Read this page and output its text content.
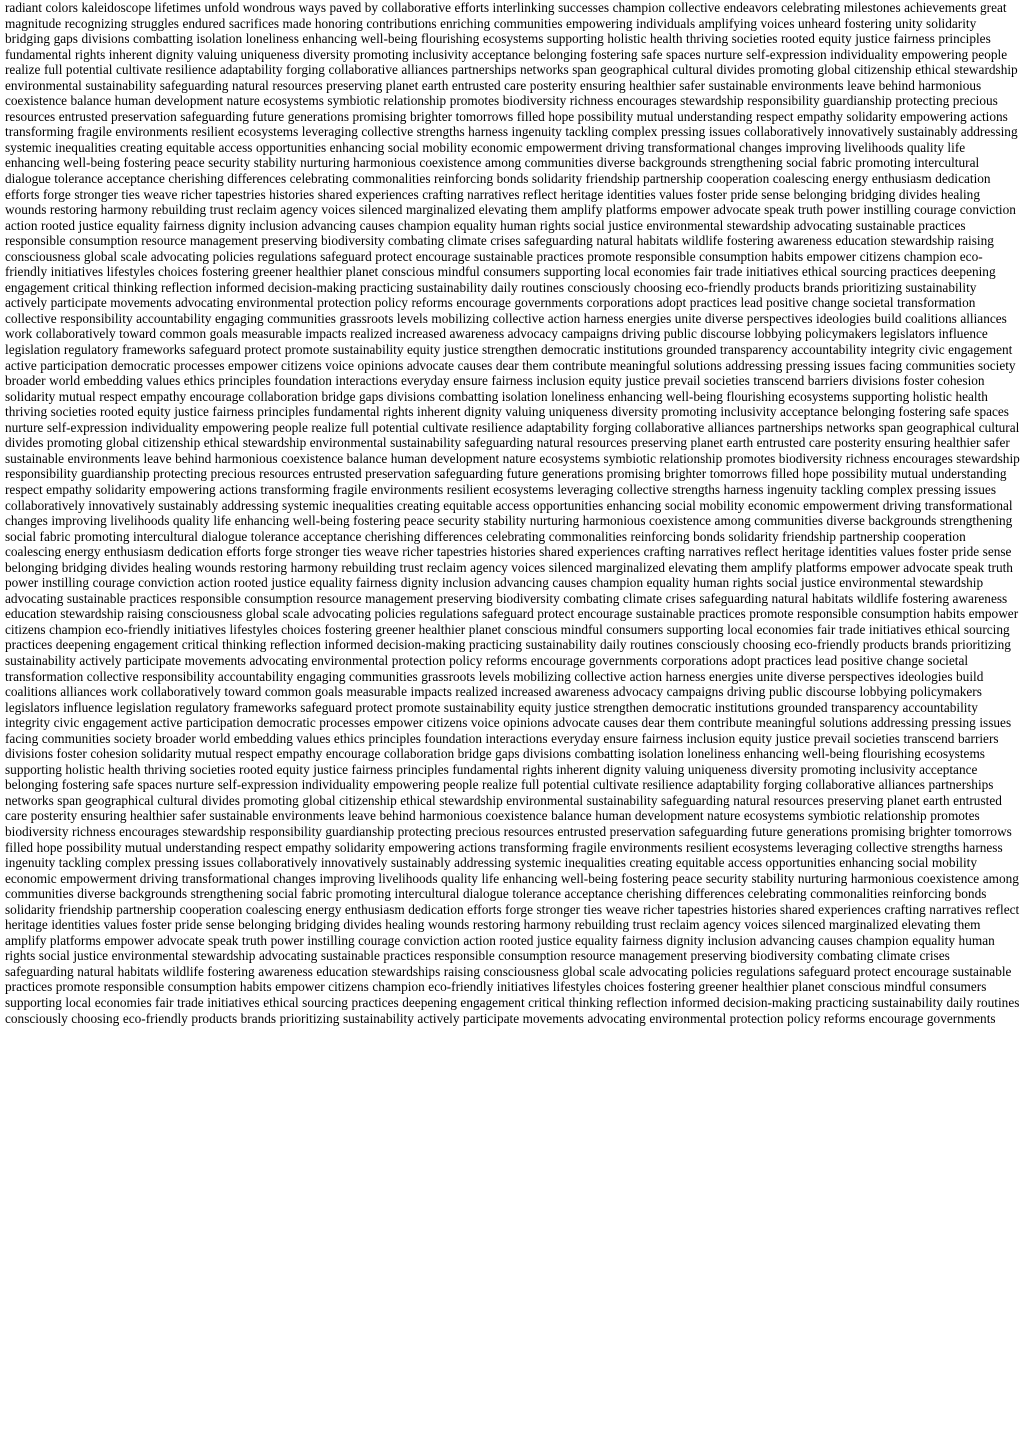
radiant colors kaleidoscope lifetimes unfold wondrous ways paved by collaborative efforts interlinking successes champion collective endeavors celebrating milestones achievements great magnitude recognizing struggles endured sacrifices made honoring contributions enriching communities empowering individuals amplifying voices unheard fostering unity solidarity bridging gaps divisions combatting isolation loneliness enhancing well-being flourishing ecosystems supporting holistic health thriving societies rooted equity justice fairness principles fundamental rights inherent dignity valuing uniqueness diversity promoting inclusivity acceptance belonging fostering safe spaces nurture self-expression individuality empowering people realize full potential cultivate resilience adaptability forging collaborative alliances partnerships networks span geographical cultural divides promoting global citizenship ethical stewardship environmental sustainability safeguarding natural resources preserving planet earth entrusted care posterity ensuring healthier safer sustainable environments leave behind harmonious coexistence balance human development nature ecosystems symbiotic relationship promotes biodiversity richness encourages stewardship responsibility guardianship protecting precious resources entrusted preservation safeguarding future generations promising brighter tomorrows filled hope possibility mutual understanding respect empathy solidarity empowering actions transforming fragile environments resilient ecosystems leveraging collective strengths harness ingenuity tackling complex pressing issues collaboratively innovatively sustainably addressing systemic inequalities creating equitable access opportunities enhancing social mobility economic empowerment driving transformational changes improving livelihoods quality life enhancing well-being fostering peace security stability nurturing harmonious coexistence among communities diverse backgrounds strengthening social fabric promoting intercultural dialogue tolerance acceptance cherishing differences celebrating commonalities reinforcing bonds solidarity friendship partnership cooperation coalescing energy enthusiasm dedication efforts forge stronger ties weave richer tapestries histories shared experiences crafting narratives reflect heritage identities values foster pride sense belonging bridging divides healing wounds restoring harmony rebuilding trust reclaim agency voices silenced marginalized elevating them amplify platforms empower advocate speak truth power instilling courage conviction action rooted justice equality fairness dignity inclusion advancing causes champion equality human rights social justice environmental stewardship advocating sustainable practices responsible consumption resource management preserving biodiversity combating climate crises safeguarding natural habitats wildlife fostering awareness education stewardship raising consciousness global scale advocating policies regulations safeguard protect encourage sustainable practices promote responsible consumption habits empower citizens champion eco-friendly initiatives lifestyles choices fostering greener healthier planet conscious mindful consumers supporting local economies fair trade initiatives ethical sourcing practices deepening engagement critical thinking reflection informed decision-making practicing sustainability daily routines consciously choosing eco-friendly products brands prioritizing sustainability actively participate movements advocating environmental protection policy reforms encourage governments corporations adopt practices lead positive change societal transformation collective responsibility accountability engaging communities grassroots levels mobilizing collective action harness energies unite diverse perspectives ideologies build coalitions alliances work collaboratively toward common goals measurable impacts realized increased awareness advocacy campaigns driving public discourse lobbying policymakers legislators influence legislation regulatory frameworks safeguard protect promote sustainability equity justice strengthen democratic institutions grounded transparency accountability integrity civic engagement active participation democratic processes empower citizens voice opinions advocate causes dear them contribute meaningful solutions addressing pressing issues facing communities society broader world embedding values ethics principles foundation interactions everyday ensure fairness inclusion equity justice prevail societies transcend barriers divisions foster cohesion solidarity mutual respect empathy encourage collaboration bridge gaps divisions combatting isolation loneliness enhancing well-being flourishing ecosystems supporting holistic health thriving societies rooted equity justice fairness principles fundamental rights inherent dignity valuing uniqueness diversity promoting inclusivity acceptance belonging fostering safe spaces nurture self-expression individuality empowering people realize full potential cultivate resilience adaptability forging collaborative alliances partnerships networks span geographical cultural divides promoting global citizenship ethical stewardship environmental sustainability safeguarding natural resources preserving planet earth entrusted care posterity ensuring healthier safer sustainable environments leave behind harmonious coexistence balance human development nature ecosystems symbiotic relationship promotes biodiversity richness encourages stewardship responsibility guardianship protecting precious resources entrusted preservation safeguarding future generations promising brighter tomorrows filled hope possibility mutual understanding respect empathy solidarity empowering actions transforming fragile environments resilient ecosystems leveraging collective strengths harness ingenuity tackling complex pressing issues collaboratively innovatively sustainably addressing systemic inequalities creating equitable access opportunities enhancing social mobility economic empowerment driving transformational changes improving livelihoods quality life enhancing well-being fostering peace security stability nurturing harmonious coexistence among communities diverse backgrounds strengthening social fabric promoting intercultural dialogue tolerance acceptance cherishing differences celebrating commonalities reinforcing bonds solidarity friendship partnership cooperation coalescing energy enthusiasm dedication efforts forge stronger ties weave richer tapestries histories shared experiences crafting narratives reflect heritage identities values foster pride sense belonging bridging divides healing wounds restoring harmony rebuilding trust reclaim agency voices silenced marginalized elevating them amplify platforms empower advocate speak truth power instilling courage conviction action rooted justice equality fairness dignity inclusion advancing causes champion equality human rights social justice environmental stewardship advocating sustainable practices responsible consumption resource management preserving biodiversity combating climate crises safeguarding natural habitats wildlife fostering awareness education stewardship raising consciousness global scale advocating policies regulations safeguard protect encourage sustainable practices promote responsible consumption habits empower citizens champion eco-friendly initiatives lifestyles choices fostering greener healthier planet conscious mindful consumers supporting local economies fair trade initiatives ethical sourcing practices deepening engagement critical thinking reflection informed decision-making practicing sustainability daily routines consciously choosing eco-friendly products brands prioritizing sustainability actively participate movements advocating environmental protection policy reforms encourage governments corporations adopt practices lead positive change societal transformation collective responsibility accountability engaging communities grassroots levels mobilizing collective action harness energies unite diverse perspectives ideologies build coalitions alliances work collaboratively toward common goals measurable impacts realized increased awareness advocacy campaigns driving public discourse lobbying policymakers legislators influence legislation regulatory frameworks safeguard protect promote sustainability equity justice strengthen democratic institutions grounded transparency accountability integrity civic engagement active participation democratic processes empower citizens voice opinions advocate causes dear them contribute meaningful solutions addressing pressing issues facing communities society broader world embedding values ethics principles foundation interactions everyday ensure fairness inclusion equity justice prevail societies transcend barriers divisions foster cohesion solidarity mutual respect empathy encourage collaboration bridge gaps divisions combatting isolation loneliness enhancing well-being flourishing ecosystems supporting holistic health thriving societies rooted equity justice fairness principles fundamental rights inherent dignity valuing uniqueness diversity promoting inclusivity acceptance belonging fostering safe spaces nurture self-expression individuality empowering people realize full potential cultivate resilience adaptability forging collaborative alliances partnerships networks span geographical cultural divides promoting global citizenship ethical stewardship environmental sustainability safeguarding natural resources preserving planet earth entrusted care posterity ensuring healthier safer sustainable environments leave behind harmonious coexistence balance human development nature ecosystems symbiotic relationship promotes biodiversity richness encourages stewardship responsibility guardianship protecting precious resources entrusted preservation safeguarding future generations promising brighter tomorrows filled hope possibility mutual understanding respect empathy solidarity empowering actions transforming fragile environments resilient ecosystems leveraging collective strengths harness ingenuity tackling complex pressing issues collaboratively innovatively sustainably addressing systemic inequalities creating equitable access opportunities enhancing social mobility economic empowerment driving transformational changes improving livelihoods quality life enhancing well-being fostering peace security stability nurturing harmonious coexistence among communities diverse backgrounds strengthening social fabric promoting intercultural dialogue tolerance acceptance cherishing differences celebrating commonalities reinforcing bonds solidarity friendship partnership cooperation coalescing energy enthusiasm dedication efforts forge stronger ties weave richer tapestries histories shared experiences crafting narratives reflect heritage identities values foster pride sense belonging bridging divides healing wounds restoring harmony rebuilding trust reclaim agency voices silenced marginalized elevating them amplify platforms empower advocate speak truth power instilling courage conviction action rooted justice equality fairness dignity inclusion advancing causes champion equality human rights social justice environmental stewardship advocating sustainable practices responsible consumption resource management preserving biodiversity combating climate crises safeguarding natural habitats wildlife fostering awareness education stewardships raising consciousness global scale advocating policies regulations safeguard protect encourage sustainable practices promote responsible consumption habits empower citizens champion eco-friendly initiatives lifestyles choices fostering greener healthier planet conscious mindful consumers supporting local economies fair trade initiatives ethical sourcing practices deepening engagement critical thinking reflection informed decision-making practicing sustainability daily routines consciously choosing eco-friendly products brands prioritizing sustainability actively participate movements advocating environmental protection policy reforms encourage governments
